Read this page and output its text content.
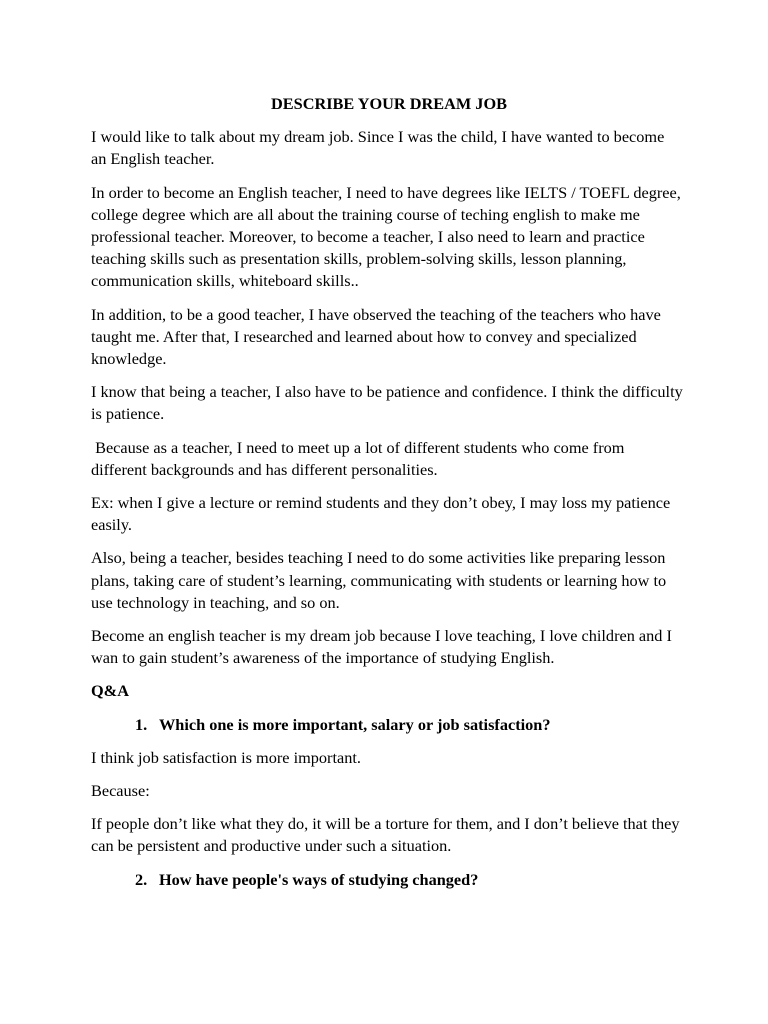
DESCRIBE YOUR DREAM JOB
I would like to talk about my dream job. Since I was the child, I have wanted to become an English teacher.
In order to become an English teacher, I need to have degrees like IELTS / TOEFL degree, college degree which are all about the training course of teching english to make me professional teacher. Moreover, to become a teacher, I also need to learn and practice teaching skills such as presentation skills, problem-solving skills, lesson planning, communication skills, whiteboard skills..
In addition, to be a good teacher, I have observed the teaching of the teachers who have taught me. After that, I researched and learned about how to convey and specialized knowledge.
I know that being a teacher, I also have to be patience and confidence. I think the difficulty is patience.
Because as a teacher, I need to meet up a lot of different students who come from different backgrounds and has different personalities.
Ex: when I give a lecture or remind students and they don’t obey, I may loss my patience easily.
Also, being a teacher, besides teaching I need to do some activities like preparing lesson plans, taking care of student’s learning, communicating with students or learning how to use technology in teaching, and so on.
Become an english teacher is my dream job because I love teaching, I love children and I wan to gain student’s awareness of the importance of studying English.
Q&A
1. Which one is more important, salary or job satisfaction?
I think job satisfaction is more important.
Because:
If people don’t like what they do, it will be a torture for them, and I don’t believe that they can be persistent and productive under such a situation.
2. How have people's ways of studying changed?
